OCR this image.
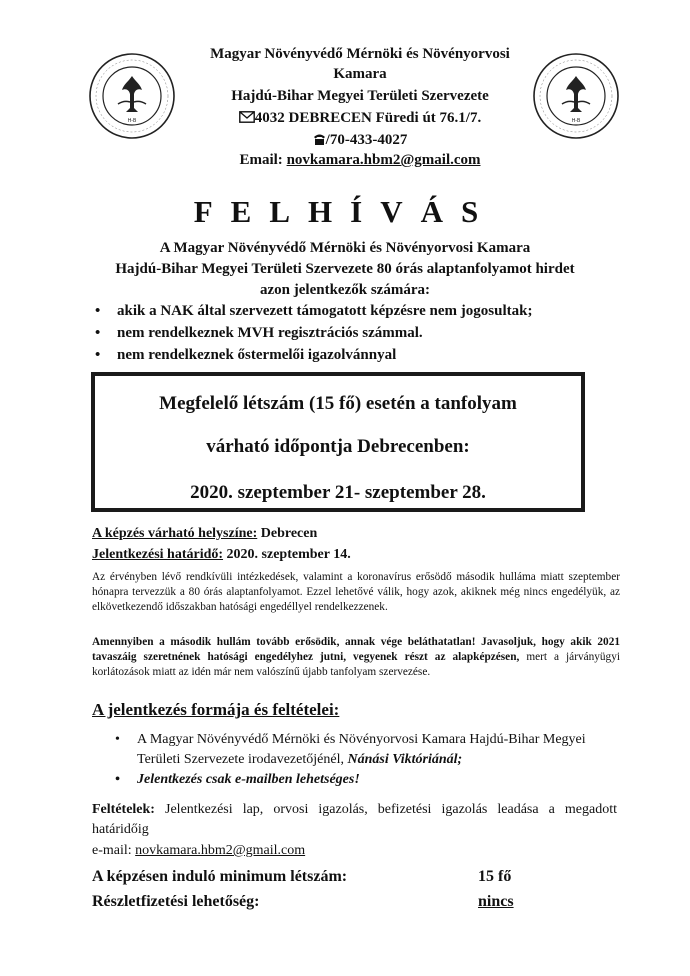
H-B	H-B
Magyar Növényvédő Mérnöki és Növényorvosi
Kamara
Hajdú-Bihar Megyei Területi Szervezete
4032 DEBRECEN Füredi út 76.1/7.
/70-433-4027
Email: novkamara.hbm2@gmail.com
FELHÍVÁS
A Magyar Növényvédő Mérnöki és Növényorvosi Kamara
Hajdú-Bihar Megyei Területi Szervezete 80 órás alaptanfolyamot hirdet
azon jelentkezők számára:
• akik a NAK által szervezett támogatott képzésre nem jogosultak;
• nem rendelkeznek MVH regisztrációs számmal.
• nem rendelkeznek őstermelői igazolvánnyal
Megfelelő létszám (15 fő) esetén a tanfolyam
várható időpontja Debrecenben:
2020. szeptember 21- szeptember 28.
A képzés várható helyszíne: Debrecen
Jelentkezési határidő: 2020. szeptember 14.
Az érvényben lévő rendkívüli intézkedések, valamint a koronavírus erősödő második hulláma miatt szeptember hónapra tervezzük a 80 órás alaptanfolyamot. Ezzel lehetővé válik, hogy azok, akiknek még nincs engedélyük, az elkövetkezendő időszakban hatósági engedéllyel rendelkezzenek.
Amennyiben a második hullám tovább erősödik, annak vége beláthatatlan! Javasoljuk, hogy akik 2021 tavaszáig szeretnének hatósági engedélyhez jutni, vegyenek részt az alapképzésen, mert a járványügyi korlátozások miatt az idén már nem valószínű újabb tanfolyam szervezése.
A jelentkezés formája és feltételei:
• A Magyar Növényvédő Mérnöki és Növényorvosi Kamara Hajdú-Bihar Megyei Területi Szervezete irodavezetőjénél, Nánási Viktóriánál;
• Jelentkezés csak e-mailben lehetséges!
Feltételek: Jelentkezési lap, orvosi igazolás, befizetési igazolás leadása a megadott határidőig
e-mail: novkamara.hbm2@gmail.com
A képzésen induló minimum létszám:	15 fő
Részletfizetési lehetőség:	nincs
